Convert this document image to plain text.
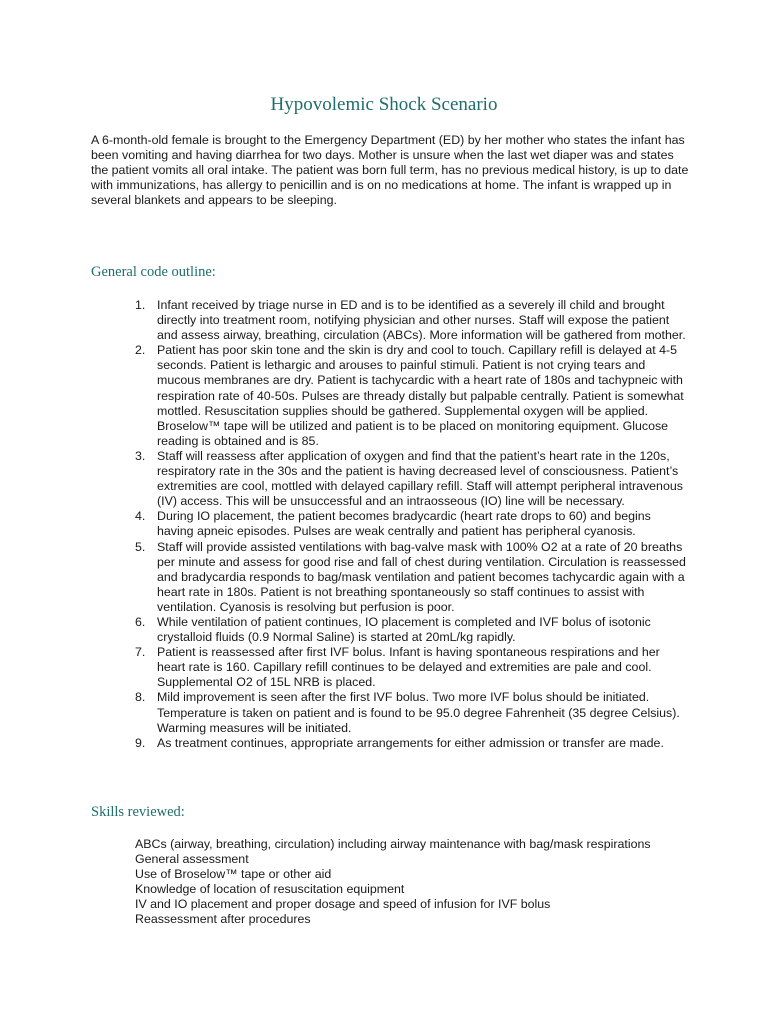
Hypovolemic Shock Scenario

A 6-month-old female is brought to the Emergency Department (ED) by her mother who states the infant has been vomiting and having diarrhea for two days. Mother is unsure when the last wet diaper was and states the patient vomits all oral intake. The patient was born full term, has no previous medical history, is up to date with immunizations, has allergy to penicillin and is on no medications at home. The infant is wrapped up in several blankets and appears to be sleeping.

General code outline:
1. Infant received by triage nurse in ED and is to be identified as a severely ill child and brought directly into treatment room, notifying physician and other nurses. Staff will expose the patient and assess airway, breathing, circulation (ABCs). More information will be gathered from mother.
2. Patient has poor skin tone and the skin is dry and cool to touch. Capillary refill is delayed at 4-5 seconds. Patient is lethargic and arouses to painful stimuli. Patient is not crying tears and mucous membranes are dry. Patient is tachycardic with a heart rate of 180s and tachypneic with respiration rate of 40-50s. Pulses are thready distally but palpable centrally. Patient is somewhat mottled. Resuscitation supplies should be gathered. Supplemental oxygen will be applied. Broselow™ tape will be utilized and patient is to be placed on monitoring equipment. Glucose reading is obtained and is 85.
3. Staff will reassess after application of oxygen and find that the patient’s heart rate in the 120s, respiratory rate in the 30s and the patient is having decreased level of consciousness. Patient’s extremities are cool, mottled with delayed capillary refill. Staff will attempt peripheral intravenous (IV) access. This will be unsuccessful and an intraosseous (IO) line will be necessary.
4. During IO placement, the patient becomes bradycardic (heart rate drops to 60) and begins having apneic episodes. Pulses are weak centrally and patient has peripheral cyanosis.
5. Staff will provide assisted ventilations with bag-valve mask with 100% O2 at a rate of 20 breaths per minute and assess for good rise and fall of chest during ventilation. Circulation is reassessed and bradycardia responds to bag/mask ventilation and patient becomes tachycardic again with a heart rate in 180s. Patient is not breathing spontaneously so staff continues to assist with ventilation. Cyanosis is resolving but perfusion is poor.
6. While ventilation of patient continues, IO placement is completed and IVF bolus of isotonic crystalloid fluids (0.9 Normal Saline) is started at 20mL/kg rapidly.
7. Patient is reassessed after first IVF bolus. Infant is having spontaneous respirations and her heart rate is 160. Capillary refill continues to be delayed and extremities are pale and cool. Supplemental O2 of 15L NRB is placed.
8. Mild improvement is seen after the first IVF bolus. Two more IVF bolus should be initiated. Temperature is taken on patient and is found to be 95.0 degree Fahrenheit (35 degree Celsius). Warming measures will be initiated.
9. As treatment continues, appropriate arrangements for either admission or transfer are made.
Skills reviewed:
ABCs (airway, breathing, circulation) including airway maintenance with bag/mask respirations
General assessment
Use of Broselow™ tape or other aid
Knowledge of location of resuscitation equipment
IV and IO placement and proper dosage and speed of infusion for IVF bolus
Reassessment after procedures
